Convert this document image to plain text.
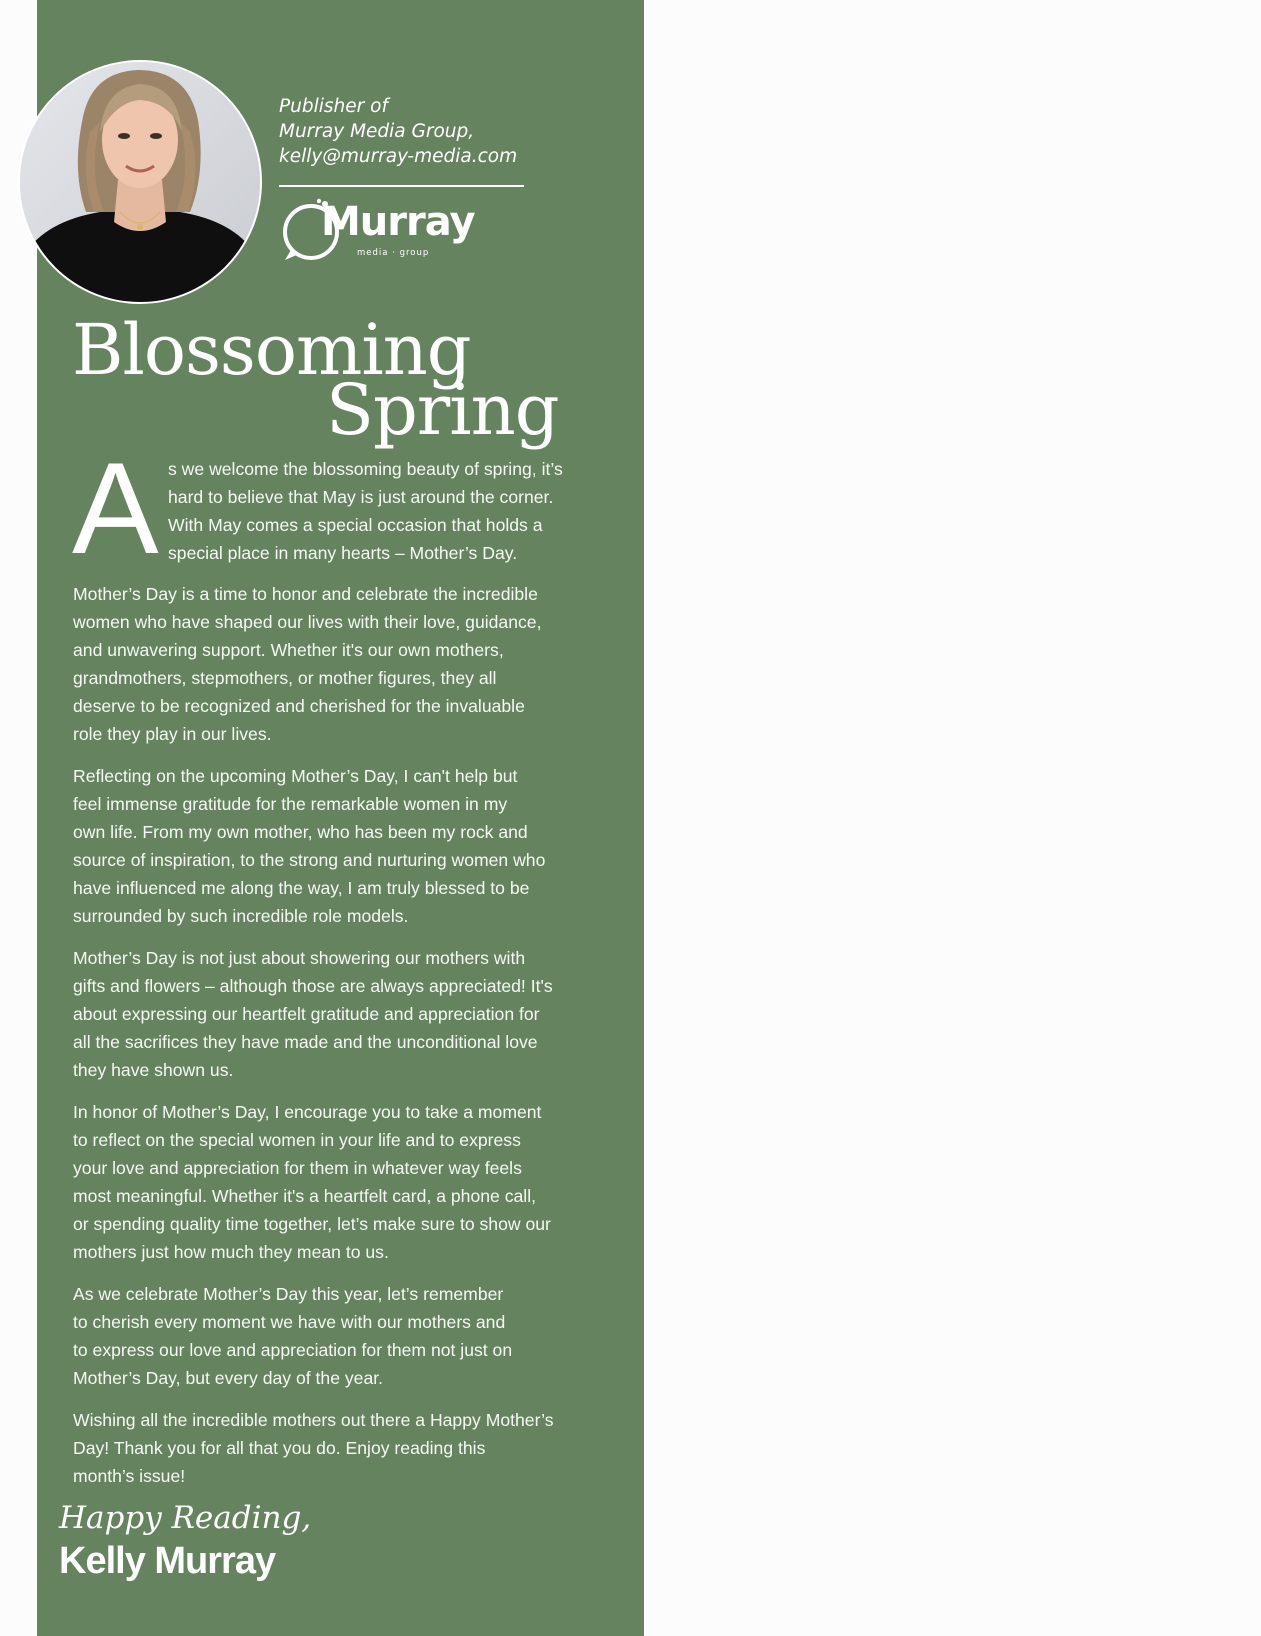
Publisher of
Murray Media Group,
kelly@murray-media.com
Murray
media · group
Blossoming
Spring
A s we welcome the blossoming beauty of spring, it’s
hard to believe that May is just around the corner.
With May comes a special occasion that holds a
special place in many hearts – Mother’s Day.
Mother’s Day is a time to honor and celebrate the incredible
women who have shaped our lives with their love, guidance,
and unwavering support. Whether it's our own mothers,
grandmothers, stepmothers, or mother figures, they all
deserve to be recognized and cherished for the invaluable
role they play in our lives.
Reflecting on the upcoming Mother’s Day, I can't help but
feel immense gratitude for the remarkable women in my
own life. From my own mother, who has been my rock and
source of inspiration, to the strong and nurturing women who
have influenced me along the way, I am truly blessed to be
surrounded by such incredible role models.
Mother’s Day is not just about showering our mothers with
gifts and flowers – although those are always appreciated! It's
about expressing our heartfelt gratitude and appreciation for
all the sacrifices they have made and the unconditional love
they have shown us.
In honor of Mother’s Day, I encourage you to take a moment
to reflect on the special women in your life and to express
your love and appreciation for them in whatever way feels
most meaningful. Whether it's a heartfelt card, a phone call,
or spending quality time together, let’s make sure to show our
mothers just how much they mean to us.
As we celebrate Mother’s Day this year, let’s remember
to cherish every moment we have with our mothers and
to express our love and appreciation for them not just on
Mother’s Day, but every day of the year.
Wishing all the incredible mothers out there a Happy Mother’s
Day! Thank you for all that you do. Enjoy reading this
month’s issue!
Happy Reading,
Kelly Murray
